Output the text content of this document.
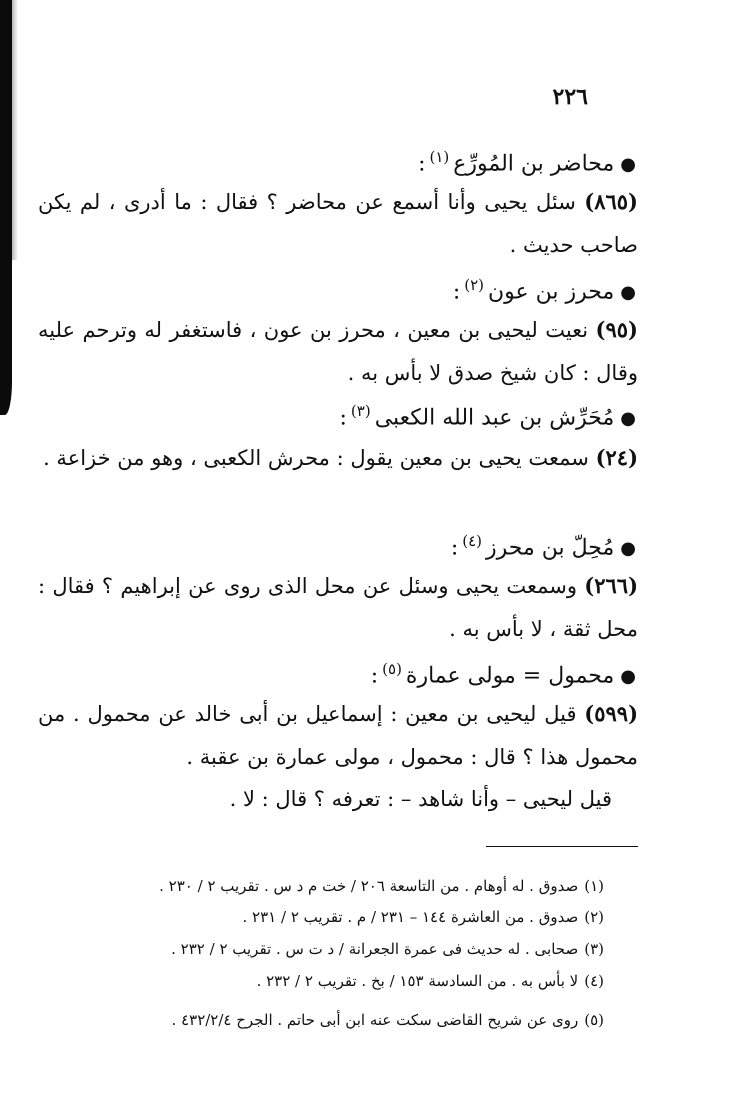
٢٢٦
●محاضر بن المُورِّع$^{(١)}$:
(٨٦٥) سئل يحيى وأنا أسمع عن محاضر ؟ فقال : ما أدرى ، لم يكن صاحب حديث .
●محرز بن عون$^{(٢)}$:
(٩٥) نعيت ليحيى بن معين ، محرز بن عون ، فاستغفر له وترحم عليه وقال : كان شيخ صدق لا بأس به .
●مُحَرِّش بن عبد الله الكعبى$^{(٣)}$:
(٢٤) سمعت يحيى بن معين يقول : محرش الكعبى ، وهو من خزاعة .
●مُحِلّ بن محرز$^{(٤)}$:
(٢٦٦) وسمعت يحيى وسئل عن محل الذى روى عن إبراهيم ؟ فقال : محل ثقة ، لا بأس به .
●محمول = مولى عمارة$^{(٥)}$:
(٥٩٩) قيل ليحيى بن معين : إسماعيل بن أبى خالد عن محمول . من محمول هذا ؟ قال : محمول ، مولى عمارة بن عقبة .
قيل ليحيى – وأنا شاهد – : تعرفه ؟ قال : لا .
(١)صدوق . له أوهام . من التاسعة ٢٠٦ / خت م د س . تقريب ٢ / ٢٣٠ .
(٢)صدوق . من العاشرة ١٤٤ – ٢٣١ / م . تقريب ٢ / ٢٣١ .
(٣)صحابى . له حديث فى عمرة الجعرانة / د ت س . تقريب ٢ / ٢٣٢ .
(٤)لا بأس به . من السادسة ١٥٣ / بخ . تقريب ٢ / ٢٣٢ .
(٥)روى عن شريح القاضى سكت عنه ابن أبى حاتم . الجرح ٤٣٢/٢/٤ .
